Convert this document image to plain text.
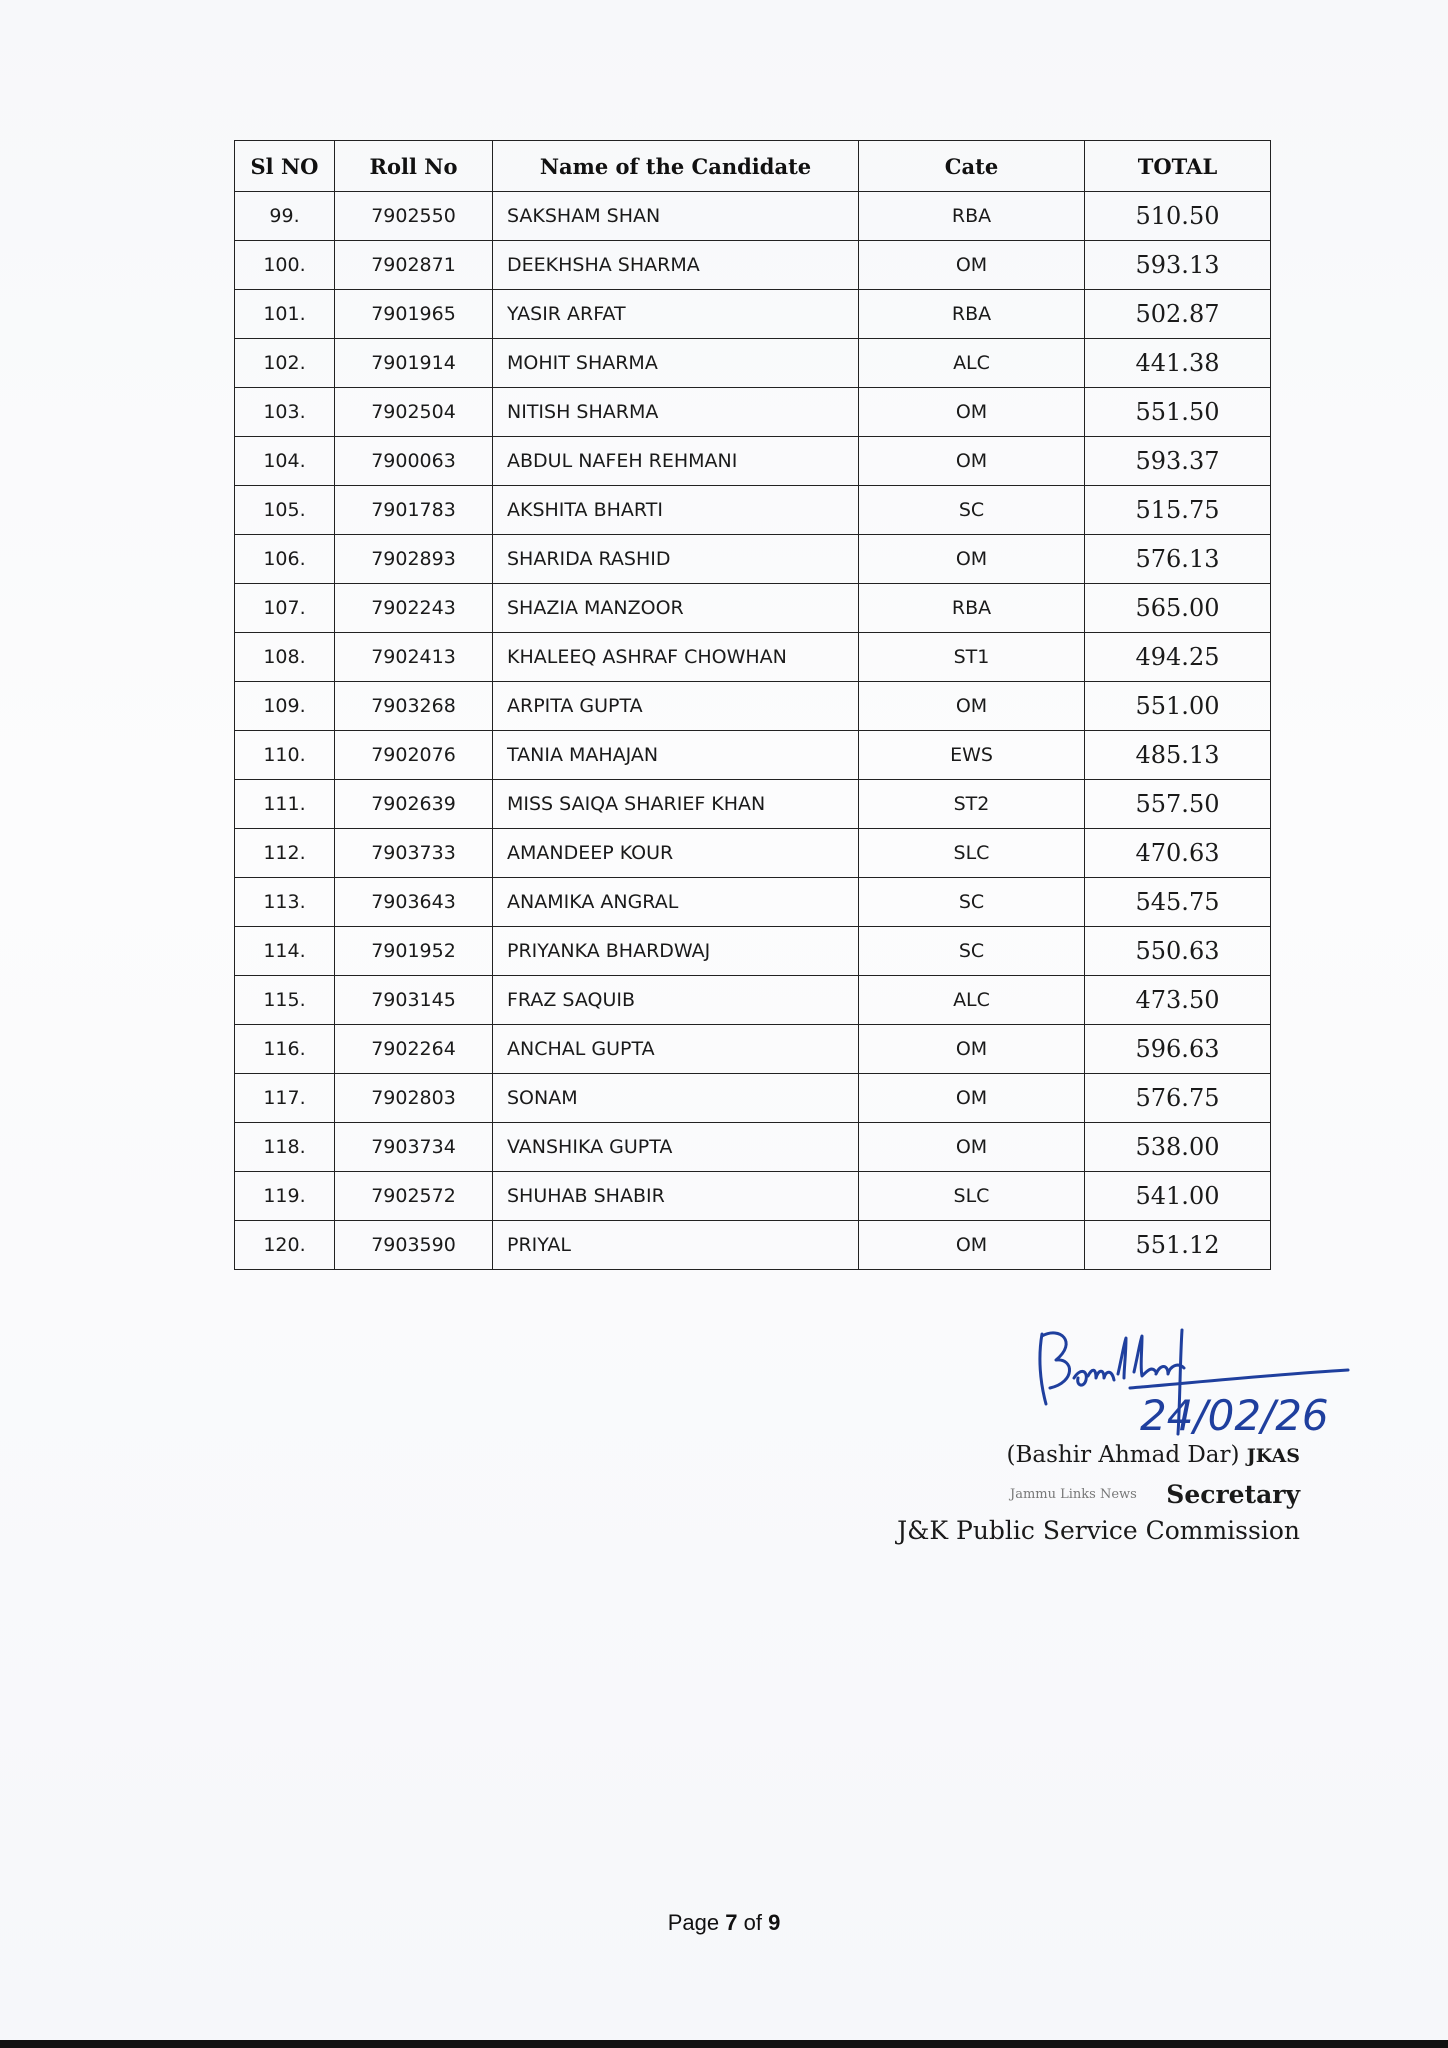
Sl NO	Roll No	Name of the Candidate	Cate	TOTAL
99.	7902550	SAKSHAM SHAN	RBA	510.50
100.	7902871	DEEKHSHA SHARMA	OM	593.13
101.	7901965	YASIR ARFAT	RBA	502.87
102.	7901914	MOHIT SHARMA	ALC	441.38
103.	7902504	NITISH SHARMA	OM	551.50
104.	7900063	ABDUL NAFEH REHMANI	OM	593.37
105.	7901783	AKSHITA BHARTI	SC	515.75
106.	7902893	SHARIDA RASHID	OM	576.13
107.	7902243	SHAZIA MANZOOR	RBA	565.00
108.	7902413	KHALEEQ ASHRAF CHOWHAN	ST1	494.25
109.	7903268	ARPITA GUPTA	OM	551.00
110.	7902076	TANIA MAHAJAN	EWS	485.13
111.	7902639	MISS SAIQA SHARIEF KHAN	ST2	557.50
112.	7903733	AMANDEEP KOUR	SLC	470.63
113.	7903643	ANAMIKA ANGRAL	SC	545.75
114.	7901952	PRIYANKA BHARDWAJ	SC	550.63
115.	7903145	FRAZ SAQUIB	ALC	473.50
116.	7902264	ANCHAL GUPTA	OM	596.63
117.	7902803	SONAM	OM	576.75
118.	7903734	VANSHIKA GUPTA	OM	538.00
119.	7902572	SHUHAB SHABIR	SLC	541.00
120.	7903590	PRIYAL	OM	551.12
24/02/26
(Bashir Ahmad Dar) JKAS
Jammu Links News Secretary
J&K Public Service Commission
Page 7 of 9
